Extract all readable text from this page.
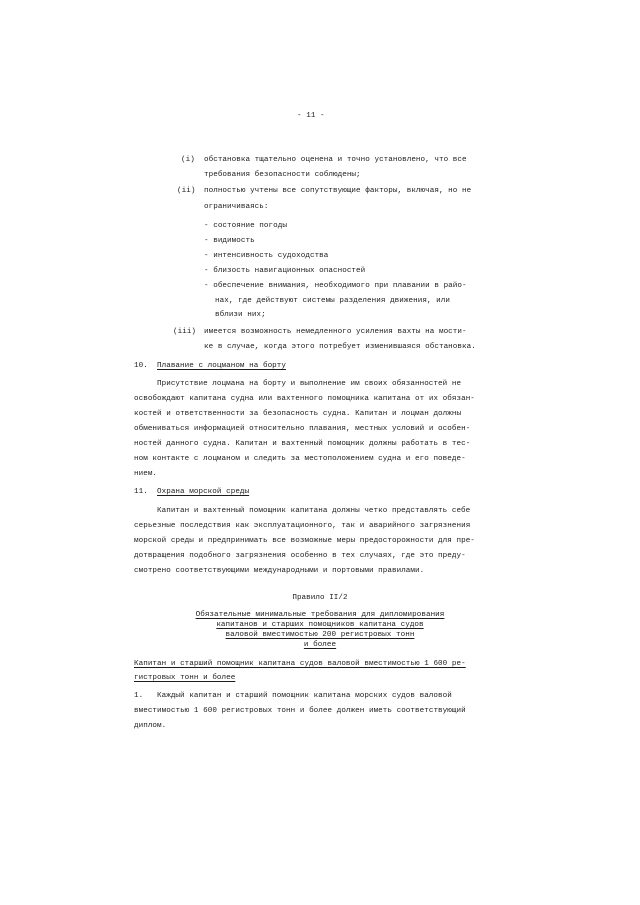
- 11 -
(i) обстановка тщательно оценена и точно установлено, что все
требования безопасности соблюдены;
(ii) полностью учтены все сопутствующие факторы, включая, но не
ограничиваясь:
- состояние погоды
- видимость
- интенсивность судоходства
- близость навигационных опасностей
- обеспечение внимания, необходимого при плавании в райо-
нах, где действуют системы разделения движения, или
вблизи них;
(iii) имеется возможность немедленного усиления вахты на мости-
ке в случае, когда этого потребует изменившаяся обстановка.
10. Плавание с лоцманом на борту
Присутствие лоцмана на борту и выполнение им своих обязанностей не
освобождают капитана судна или вахтенного помощника капитана от их обязан-
костей и ответственности за безопасность судна. Капитан и лоцман должны
обмениваться информацией относительно плавания, местных условий и особен-
ностей данного судна. Капитан и вахтенный помощник должны работать в тес-
ном контакте с лоцманом и следить за местоположением судна и его поведе-
нием.
11. Охрана морской среды
Капитан и вахтенный помощник капитана должны четко представлять себе
серьезные последствия как эксплуатационного, так и аварийного загрязнения
морской среды и предпринимать все возможные меры предосторожности для пре-
дотвращения подобного загрязнения особенно в тех случаях, где это преду-
смотрено соответствующими международными и портовыми правилами.
Правило II/2
Обязательные минимальные требования для дипломирования
капитанов и старших помощников капитана судов
валовой вместимостью 200 регистровых тонн
и более
Капитан и старший помощник капитана судов валовой вместимостью 1 600 ре-
гистровых тонн и более
1. Каждый капитан и старший помощник капитана морских судов валовой
вместимостью 1 600 регистровых тонн и более должен иметь соответствующий
диплом.
